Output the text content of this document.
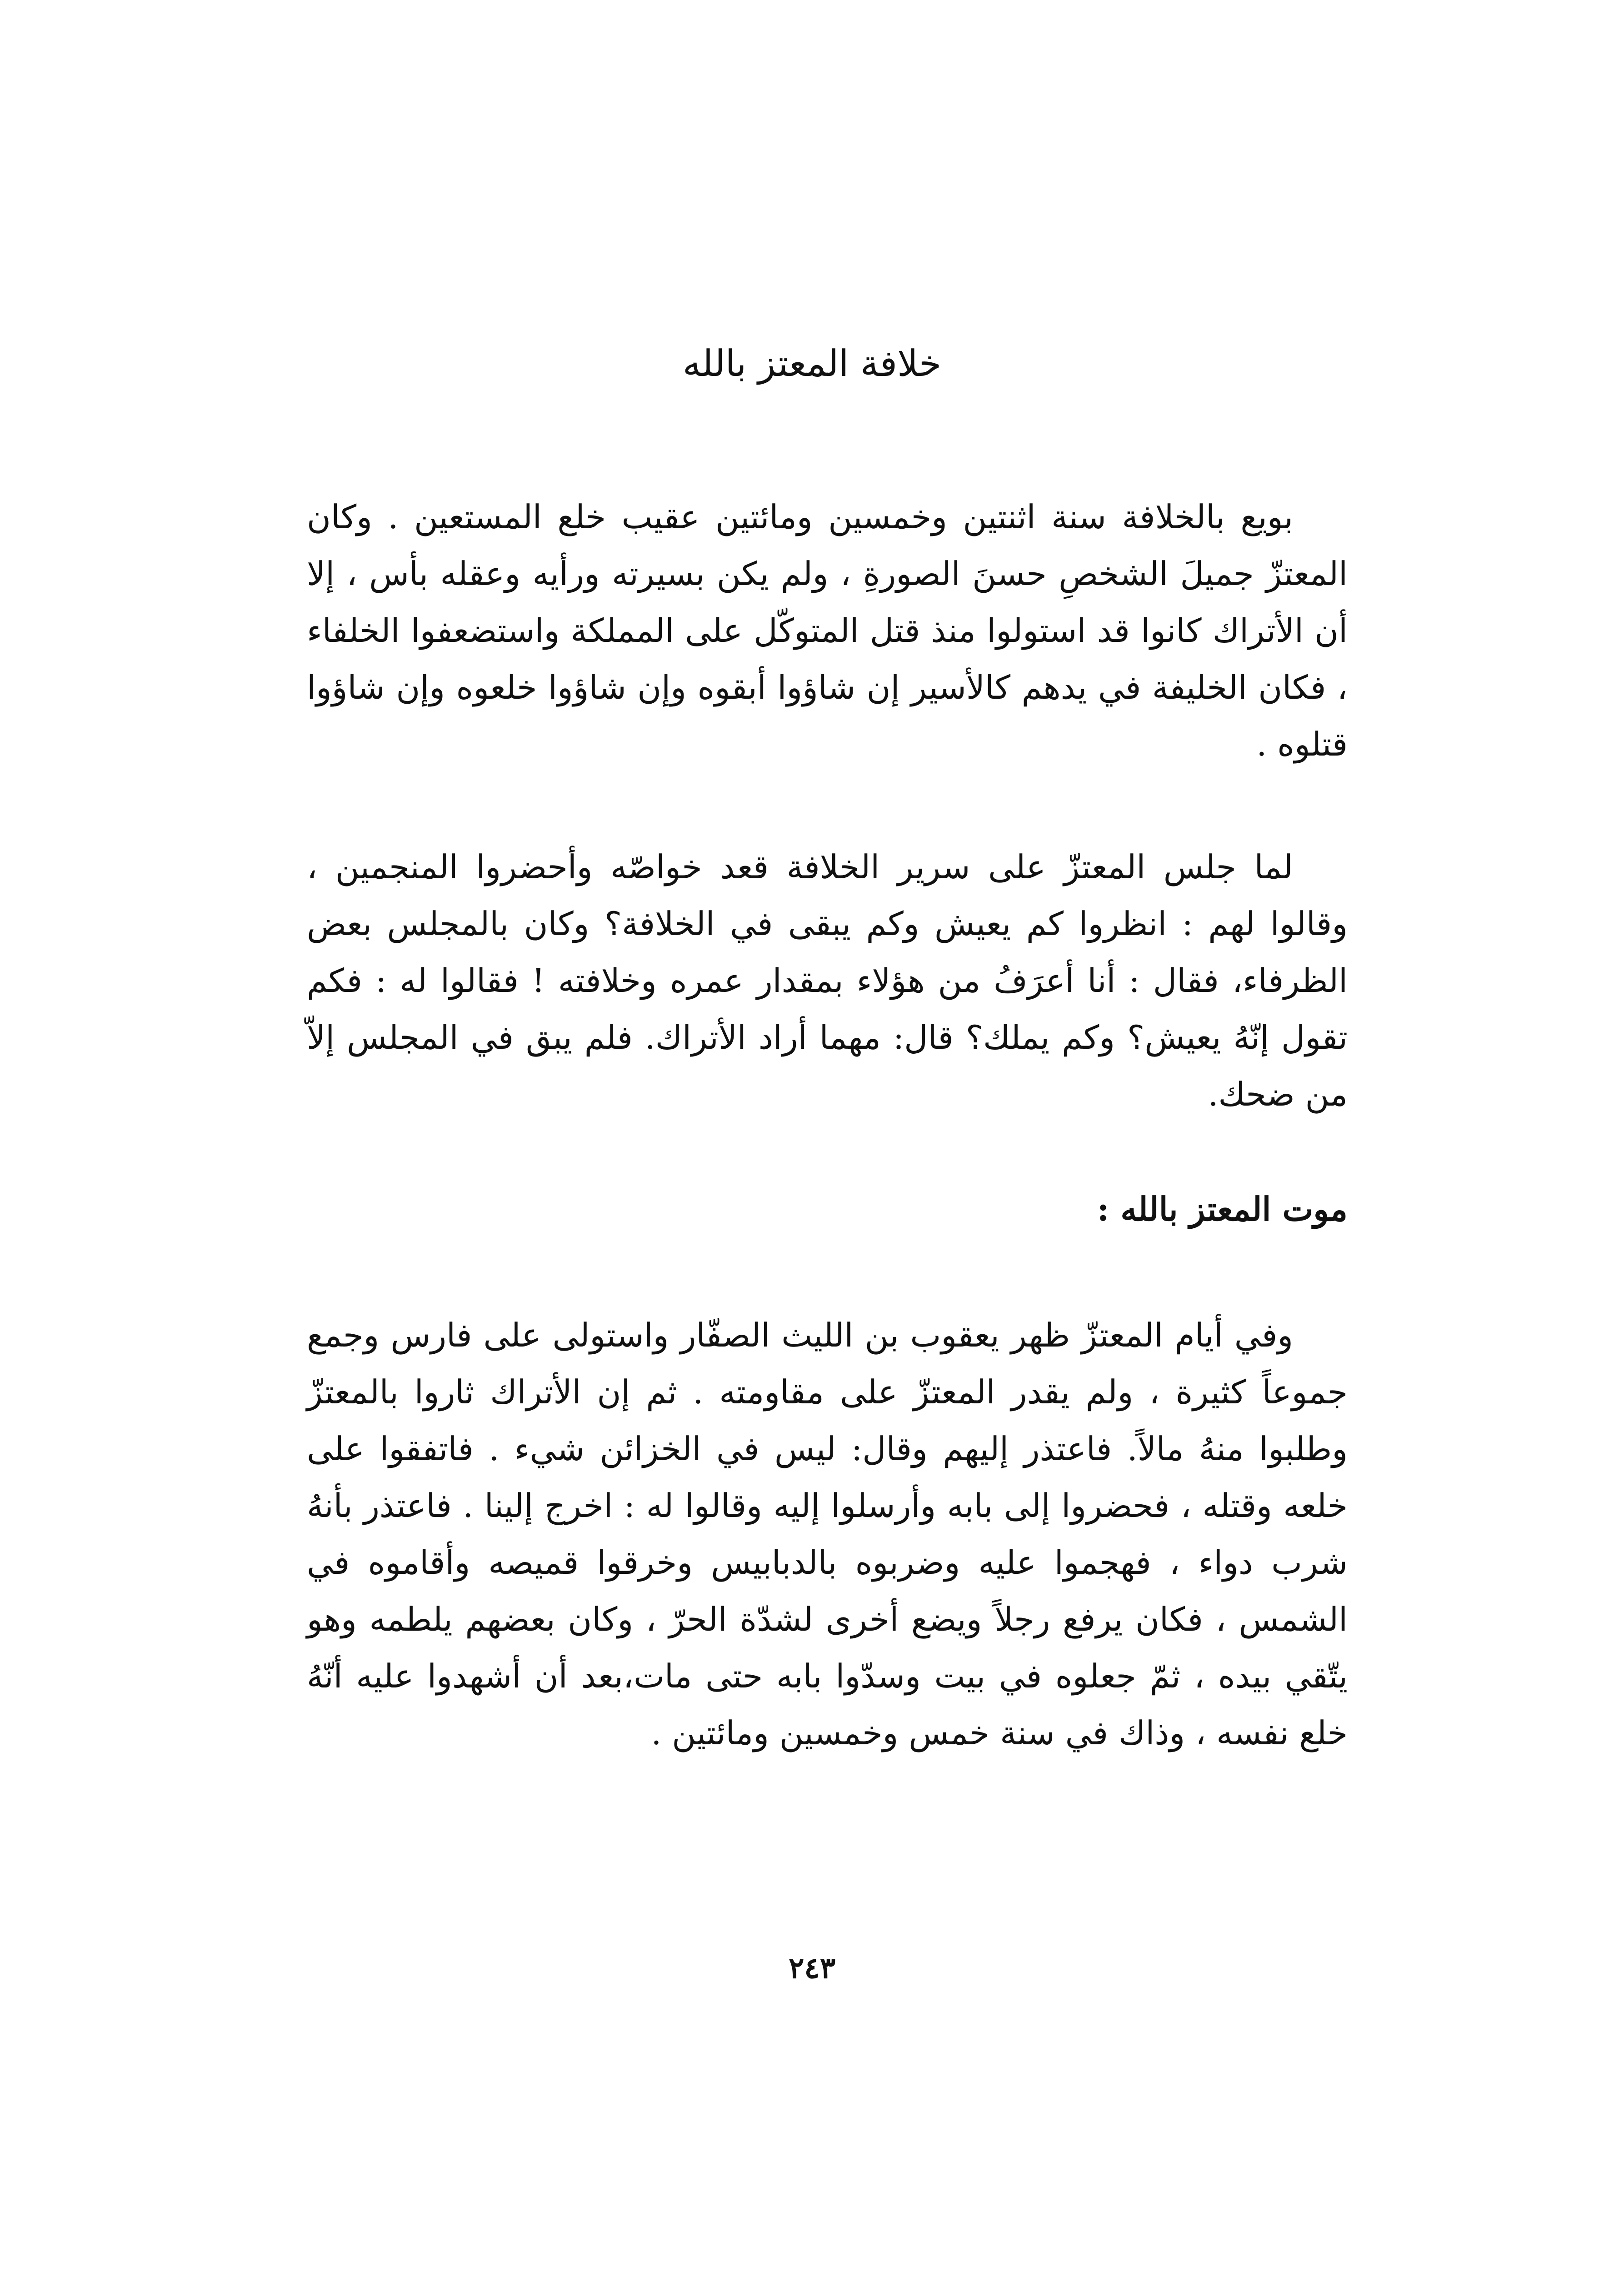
خلافة المعتز بالله

بويع بالخلافة سنة اثنتين وخمسين ومائتين عقيب خلع المستعين . وكان المعتزّ جميلَ الشخصِ حسنَ الصورةِ ، ولم يكن بسيرته ورأيه وعقله بأس ، إلا أن الأتراك كانوا قد استولوا منذ قتل المتوكّل على المملكة واستضعفوا الخلفاء ، فكان الخليفة في يدهم كالأسير إن شاؤوا أبقوه وإن شاؤوا خلعوه وإن شاؤوا قتلوه .

لما جلس المعتزّ على سرير الخلافة قعد خواصّه وأحضروا المنجمين ، وقالوا لهم : انظروا كم يعيش وكم يبقى في الخلافة؟ وكان بالمجلس بعض الظرفاء، فقال : أنا أعرَفُ من هؤلاء بمقدار عمره وخلافته ! فقالوا له : فكم تقول إنّهُ يعيش؟ وكم يملك؟ قال: مهما أراد الأتراك. فلم يبق في المجلس إلاّ من ضحك.

موت المعتز بالله :

وفي أيام المعتزّ ظهر يعقوب بن الليث الصفّار واستولى على فارس وجمع جموعاً كثيرة ، ولم يقدر المعتزّ على مقاومته . ثم إن الأتراك ثاروا بالمعتزّ وطلبوا منهُ مالاً. فاعتذر إليهم وقال: ليس في الخزائن شيء . فاتفقوا على خلعه وقتله ، فحضروا إلى بابه وأرسلوا إليه وقالوا له : اخرج إلينا . فاعتذر بأنهُ شرب دواء ، فهجموا عليه وضربوه بالدبابيس وخرقوا قميصه وأقاموه في الشمس ، فكان يرفع رجلاً ويضع أخرى لشدّة الحرّ ، وكان بعضهم يلطمه وهو يتّقي بيده ، ثمّ جعلوه في بيت وسدّوا بابه حتى مات،بعد أن أشهدوا عليه أنّهُ خلع نفسه ، وذاك في سنة خمس وخمسين ومائتين .

٢٤٣
